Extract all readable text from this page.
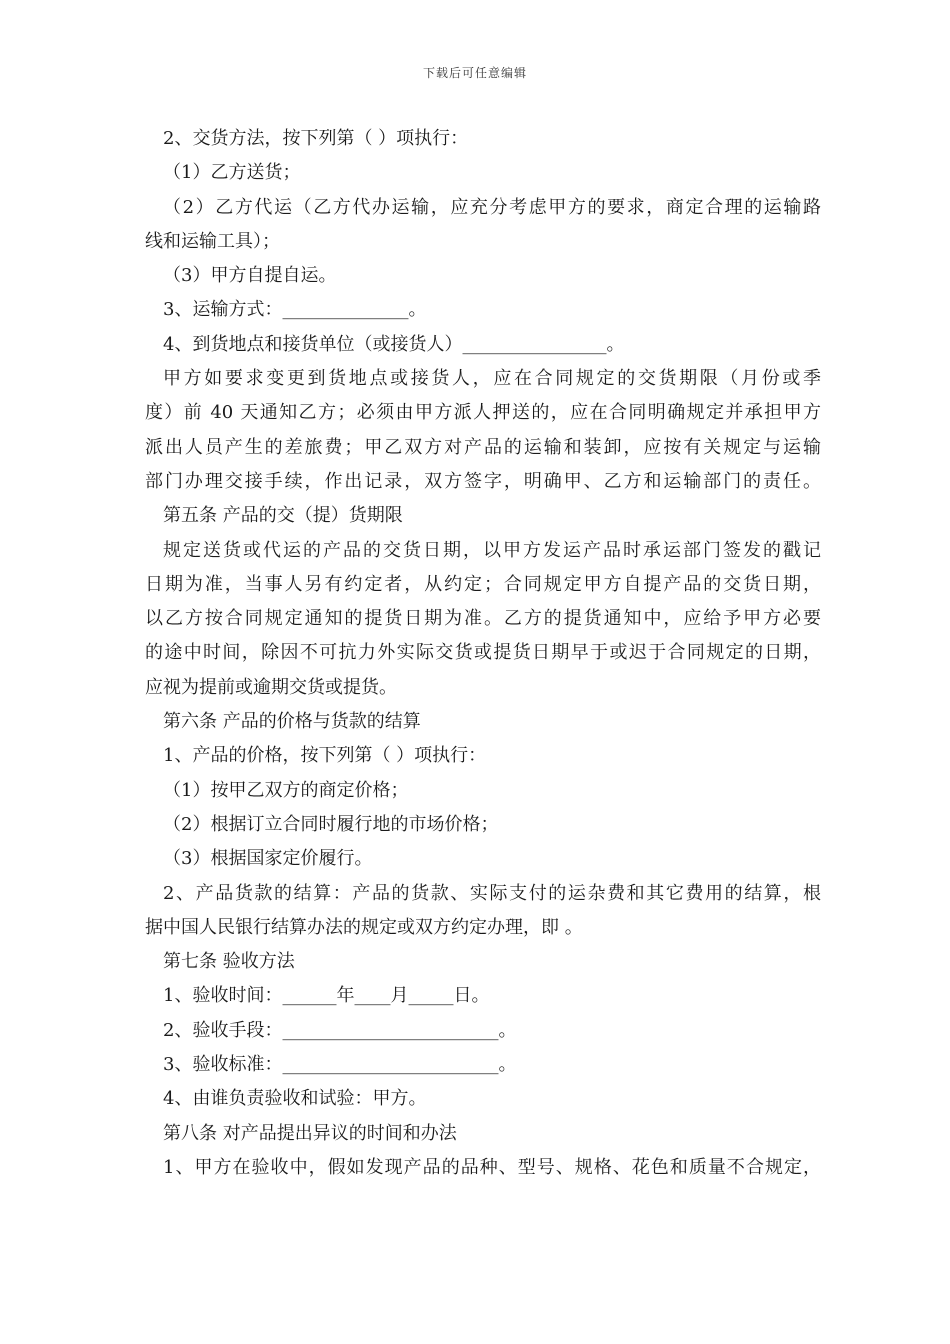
下载后可任意编辑
2、交货方法，按下列第（ ）项执行：
（1）乙方送货；
（2）乙方代运（乙方代办运输，应充分考虑甲方的要求，商定合理的运输路
线和运输工具）；
（3）甲方自提自运。
3、运输方式：______________。
4、到货地点和接货单位（或接货人）________________。
甲方如要求变更到货地点或接货人，应在合同规定的交货期限（月份或季
度）前 40 天通知乙方；必须由甲方派人押送的，应在合同明确规定并承担甲方
派出人员产生的差旅费；甲乙双方对产品的运输和装卸，应按有关规定与运输
部门办理交接手续，作出记录，双方签字，明确甲、乙方和运输部门的责任。
第五条 产品的交（提）货期限
规定送货或代运的产品的交货日期，以甲方发运产品时承运部门签发的戳记
日期为准，当事人另有约定者，从约定；合同规定甲方自提产品的交货日期，
以乙方按合同规定通知的提货日期为准。乙方的提货通知中，应给予甲方必要
的途中时间，除因不可抗力外实际交货或提货日期早于或迟于合同规定的日期，
应视为提前或逾期交货或提货。
第六条 产品的价格与货款的结算
1、产品的价格，按下列第（ ）项执行：
（1）按甲乙双方的商定价格；
（2）根据订立合同时履行地的市场价格；
（3）根据国家定价履行。
2、产品货款的结算：产品的货款、实际支付的运杂费和其它费用的结算，根
据中国人民银行结算办法的规定或双方约定办理，即 。
第七条 验收方法
1、验收时间：______年____月_____日。
2、验收手段：________________________。
3、验收标准：________________________。
4、由谁负责验收和试验：甲方。
第八条 对产品提出异议的时间和办法
1、甲方在验收中，假如发现产品的品种、型号、规格、花色和质量不合规定，
